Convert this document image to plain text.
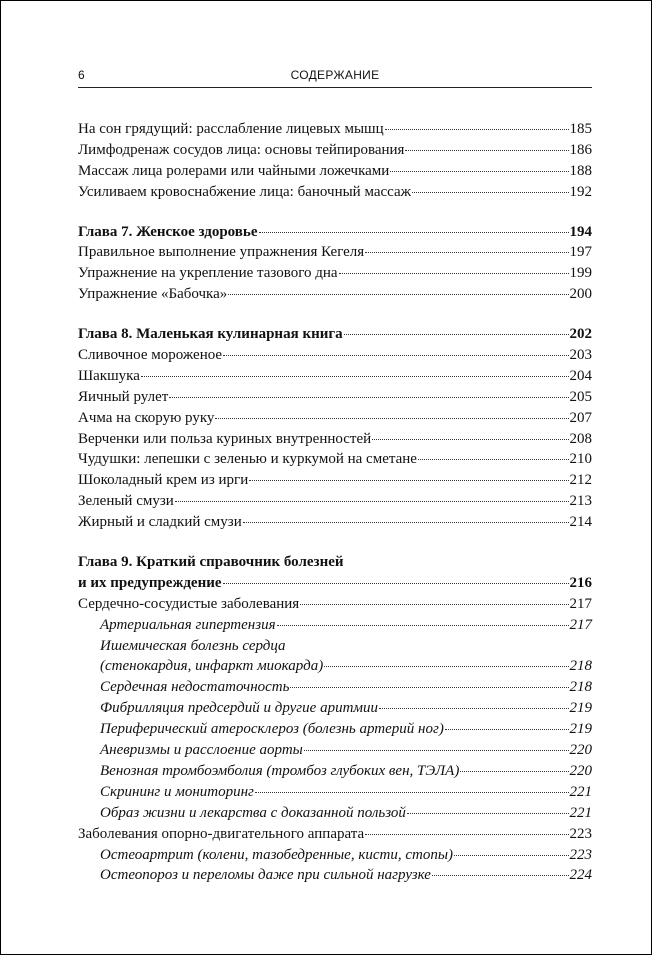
6	СОДЕРЖАНИЕ
На сон грядущий: расслабление лицевых мышц	185
Лимфодренаж сосудов лица: основы тейпирования	186
Массаж лица ролерами или чайными ложечками	188
Усиливаем кровоснабжение лица: баночный массаж	192
Глава 7. Женское здоровье	194
Правильное выполнение упражнения Кегеля	197
Упражнение на укрепление тазового дна	199
Упражнение «Бабочка»	200
Глава 8. Маленькая кулинарная книга	202
Сливочное мороженое	203
Шакшука	204
Яичный рулет	205
Ачма на скорую руку	207
Верченки или польза куриных внутренностей	208
Чудушки: лепешки с зеленью и куркумой на сметане	210
Шоколадный крем из ирги	212
Зеленый смузи	213
Жирный и сладкий смузи	214
Глава 9. Краткий справочник болезней
и их предупреждение	216
Сердечно-сосудистые заболевания	217
Артериальная гипертензия	217
Ишемическая болезнь сердца
(стенокардия, инфаркт миокарда)	218
Сердечная недостаточность	218
Фибрилляция предсердий и другие аритмии	219
Периферический атеросклероз (болезнь артерий ног)	219
Аневризмы и расслоение аорты	220
Венозная тромбоэмболия (тромбоз глубоких вен, ТЭЛА)	220
Скрининг и мониторинг	221
Образ жизни и лекарства с доказанной пользой	221
Заболевания опорно-двигательного аппарата	223
Остеоартрит (колени, тазобедренные, кисти, стопы)	223
Остеопороз и переломы даже при сильной нагрузке	224
